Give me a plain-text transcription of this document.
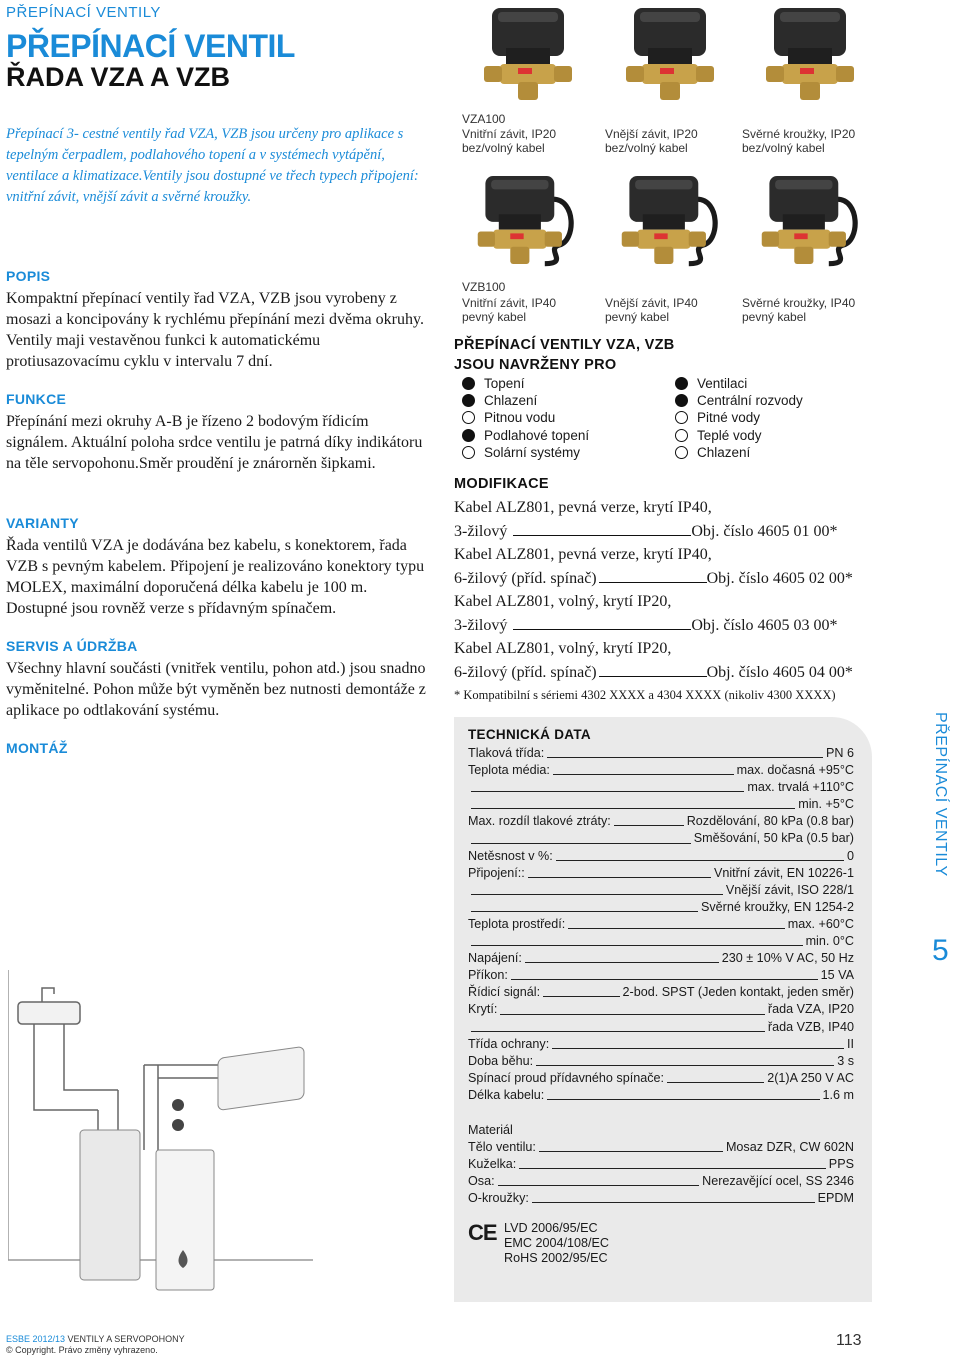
PŘEPÍNACÍ VENTILY
PŘEPÍNACÍ VENTIL
ŘADA VZA A VZB
Přepínací 3- cestné ventily řad VZA, VZB jsou určeny pro aplikace s tepelným čerpadlem, podlahového topení a v systémech vytápění, ventilace a klimatizace.Ventily jsou dostupné ve třech typech připojení: vnitřní závit, vnější závit a svěrné kroužky.
VZA100
Vnitřní závit, IP20
bez/volný kabel
Vnější závit, IP20
bez/volný kabel
Svěrné kroužky, IP20
bez/volný kabel
VZB100
Vnitřní závit, IP40
pevný kabel
Vnější závit, IP40
pevný kabel
Svěrné kroužky, IP40
pevný kabel
POPIS
Kompaktní přepínací ventily řad VZA, VZB jsou vyrobeny z mosazi a koncipovány k rychlému přepínání mezi dvěma okruhy. Ventily maji vestavěnou funkci k automatickému protiusazovacímu cyklu v intervalu 7 dní.
FUNKCE
Přepínání mezi okruhy A-B je řízeno 2 bodovým řídicím signálem. Aktuální poloha srdce ventilu je patrná díky indikátoru na těle servopohonu.Směr proudění je znárorněn šipkami.
VARIANTY
Řada ventilů VZA je dodávána bez kabelu, s konektorem, řada VZB s pevným kabelem. Připojení je realizováno konektory typu MOLEX, maximální doporučená délka kabelu je 100 m. Dostupné jsou rovněž verze s přídavným spínačem.
SERVIS A ÚDRŽBA
Všechny hlavní součásti (vnitřek ventilu, pohon atd.) jsou snadno vyměnitelné. Pohon může být vyměněn bez nutnosti demontáže z aplikace po odtlakování systému.
MONTÁŽ
PŘEPÍNACÍ VENTILY VZA, VZB
JSOU NAVRŽENY PRO
Topení
Chlazení
Pitnou vodu
Podlahové topení
Solární systémy
Ventilaci
Centrální rozvody
Pitné vody
Teplé vody
Chlazení
MODIFIKACE
Kabel ALZ801, pevná verze, krytí IP40,
3-žilový	Obj. číslo 4605 01 00*
Kabel ALZ801, pevná verze, krytí IP40,
6-žilový (příd. spínač)	Obj. číslo 4605 02 00*
Kabel ALZ801, volný, krytí IP20,
3-žilový	Obj. číslo 4605 03 00*
Kabel ALZ801, volný, krytí IP20,
6-žilový (příd. spínač)	Obj. číslo 4605 04 00*
* Kompatibilní s sériemi 4302 XXXX a 4304 XXXX (nikoliv 4300 XXXX)
TECHNICKÁ DATA
Tlaková třída:	PN 6
Teplota média:	max. dočasná +95°C
max. trvalá +110°C
min. +5°C
Max. rozdíl tlakové ztráty:	Rozdělování, 80 kPa (0.8 bar)
Směšování, 50 kPa (0.5 bar)
Netěsnost v %:	0
Připojení::	Vnitřní závit, EN 10226-1
Vnější závit, ISO 228/1
Svěrné kroužky, EN 1254-2
Teplota prostředí:	max. +60°C
min. 0°C
Napájení:	230 ± 10% V AC, 50 Hz
Příkon:	15 VA
Řídicí signál:	2-bod. SPST (Jeden kontakt, jeden směr)
Krytí:	řada VZA, IP20
řada VZB, IP40
Třída ochrany:	II
Doba běhu:	3 s
Spínací proud přídavného spínače:	2(1)A 250 V AC
Délka kabelu:	1.6 m
Materiál
Tělo ventilu:	Mosaz DZR, CW 602N
Kuželka:	PPS
Osa:	Nerezavějící ocel, SS 2346
O-kroužky:	EPDM
CE LVD 2006/95/EC
EMC 2004/108/EC
RoHS 2002/95/EC
PŘEPÍNACÍ VENTILY
5
ESBE 2012/13 VENTILY A SERVOPOHONY
© Copyright. Právo změny vyhrazeno.
113
